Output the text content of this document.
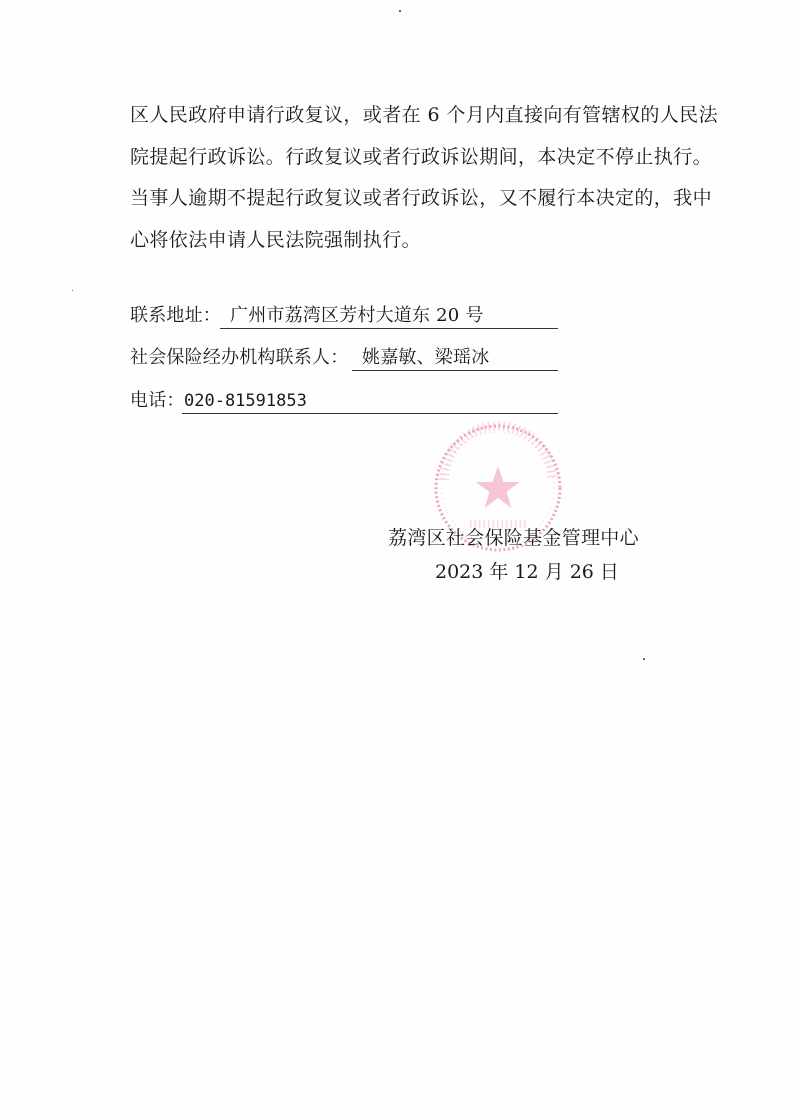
区人民政府申请行政复议，或者在 6 个月内直接向有管辖权的人民法
院提起行政诉讼。行政复议或者行政诉讼期间，本决定不停止执行。
当事人逾期不提起行政复议或者行政诉讼，又不履行本决定的，我中
心将依法申请人民法院强制执行。
联系地址： 广州市荔湾区芳村大道东 20 号
社会保险经办机构联系人： 姚嘉敏、梁瑶冰
电话： 020-81591853
荔湾区社会保险基金管理中心
2023 年 12 月 26 日
